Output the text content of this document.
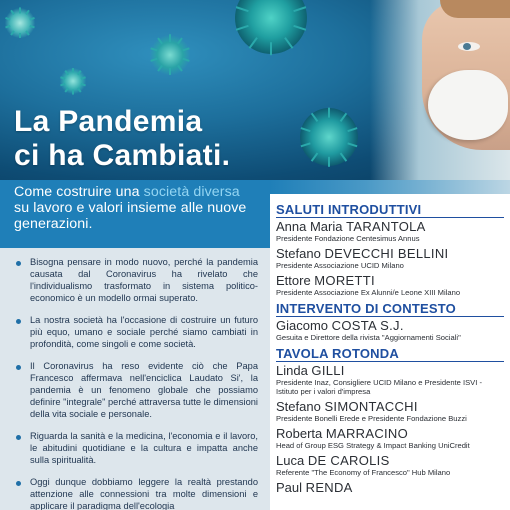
La Pandemia
ci ha Cambiati.

Come costruire una società diversa su lavoro e valori insieme alle nuove generazioni.

Bisogna pensare in modo nuovo, perché la pandemia causata dal Coronavirus ha rivelato che l'individualismo trasformato in sistema politico-economico è un modello ormai superato.

La nostra società ha l'occasione di costruire un futuro più equo, umano e sociale perché siamo cambiati in profondità, come singoli e come società.

Il Coronavirus ha reso evidente ciò che Papa Francesco affermava nell'enciclica Laudato Si', la pandemia è un fenomeno globale che possiamo definire "integrale" perché attraversa tutte le dimensioni della vita sociale e personale.

Riguarda la sanità e la medicina, l'economia e il lavoro, le abitudini quotidiane e la cultura e impatta anche sulla spiritualità.

Oggi dunque dobbiamo leggere la realtà prestando attenzione alle connessioni tra molte dimensioni e applicare il paradigma dell'ecologia

SALUTI INTRODUTTIVI
Anna Maria TARANTOLA
Presidente Fondazione Centesimus Annus
Stefano DEVECCHI BELLINI
Presidente Associazione UCID Milano
Ettore MORETTI
Presidente Associazione Ex Alunni/e Leone XIII Milano
INTERVENTO DI CONTESTO
Giacomo COSTA S.J.
Gesuita e Direttore della rivista "Aggiornamenti Sociali"
TAVOLA ROTONDA
Linda GILLI
Presidente Inaz, Consigliere UCID Milano e Presidente ISVI - Istituto per i valori d'impresa
Stefano SIMONTACCHI
Presidente Bonelli Erede e Presidente Fondazione Buzzi
Roberta MARRACINO
Head of Group ESG Strategy & Impact Banking UniCredit
Luca DE CAROLIS
Referente "The Economy of Francesco" Hub Milano
Paul RENDA
